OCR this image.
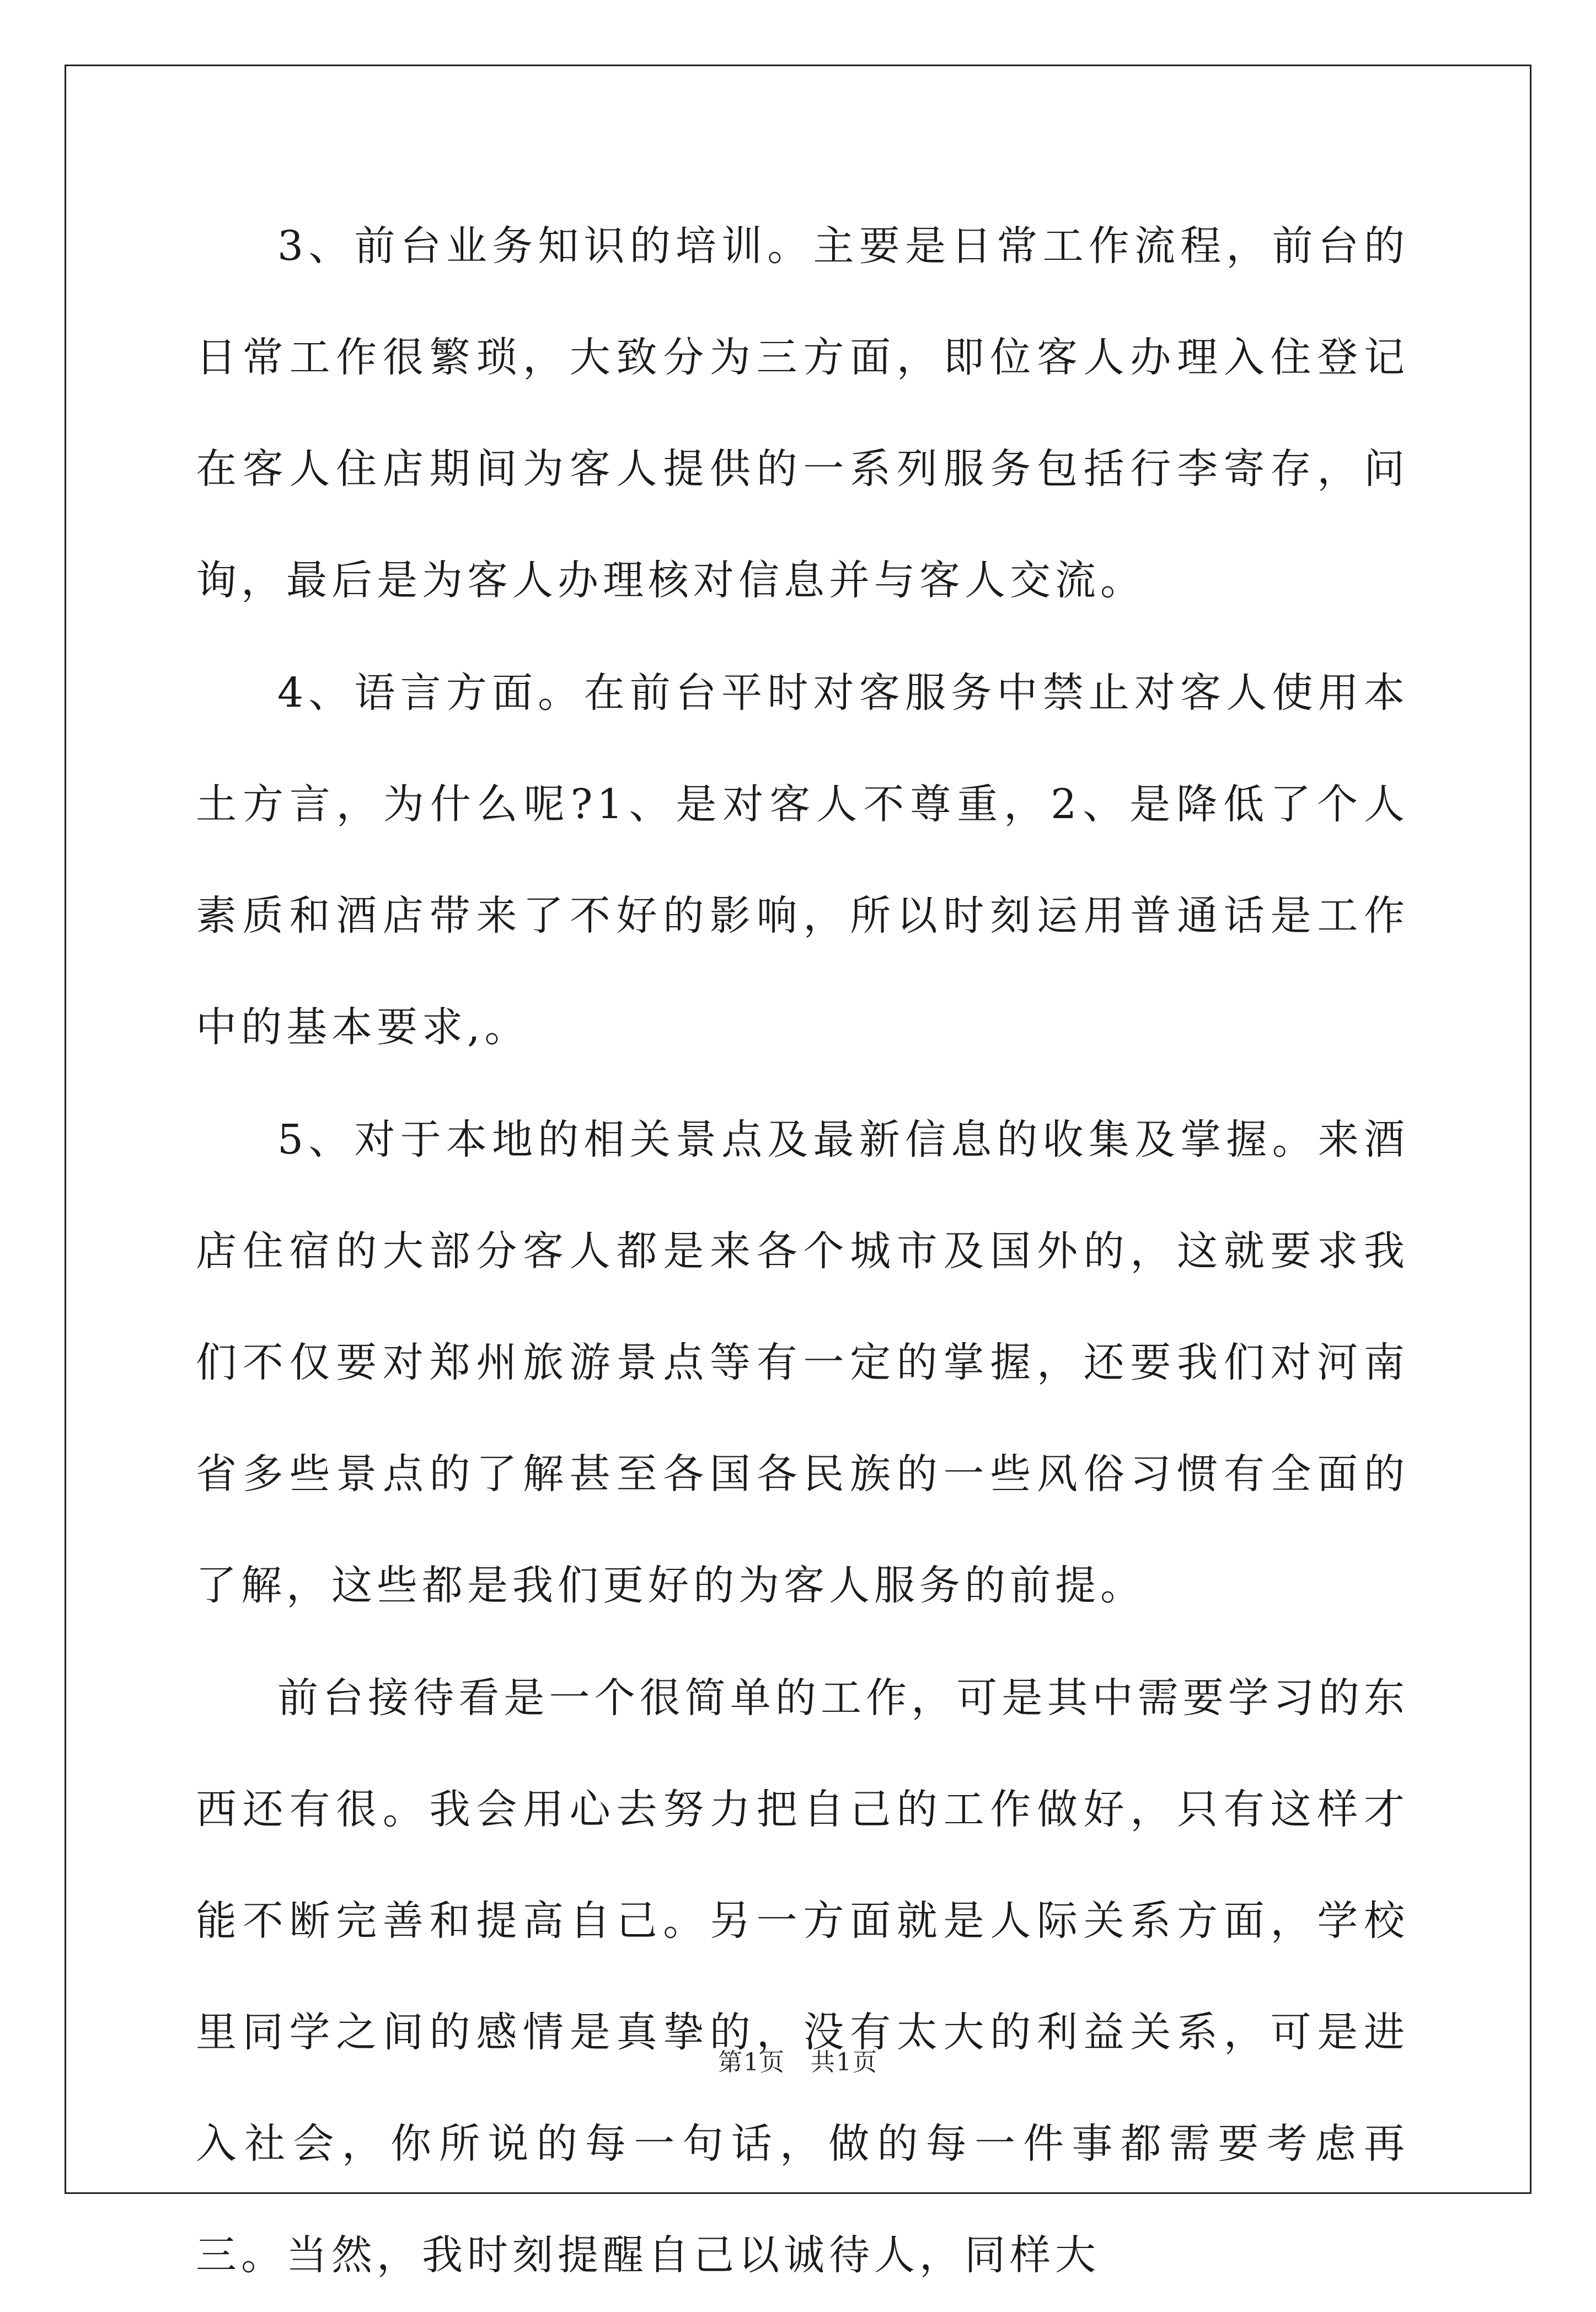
3、前台业务知识的培训。主要是日常工作流程，前台的日常工作很繁琐，大致分为三方面，即位客人办理入住登记在客人住店期间为客人提供的一系列服务包括行李寄存，问询，最后是为客人办理核对信息并与客人交流。

4、语言方面。在前台平时对客服务中禁止对客人使用本土方言，为什么呢?1、是对客人不尊重，2、是降低了个人素质和酒店带来了不好的影响，所以时刻运用普通话是工作中的基本要求,。

5、对于本地的相关景点及最新信息的收集及掌握。来酒店住宿的大部分客人都是来各个城市及国外的，这就要求我们不仅要对郑州旅游景点等有一定的掌握，还要我们对河南省多些景点的了解甚至各国各民族的一些风俗习惯有全面的了解，这些都是我们更好的为客人服务的前提。

前台接待看是一个很简单的工作，可是其中需要学习的东西还有很。我会用心去努力把自己的工作做好，只有这样才能不断完善和提高自己。另一方面就是人际关系方面，学校里同学之间的感情是真挚的，没有太大的利益关系，可是进入社会，你所说的每一句话，做的每一件事都需要考虑再三。当然，我时刻提醒自己以诚待人，同样大

第1页　共1页
